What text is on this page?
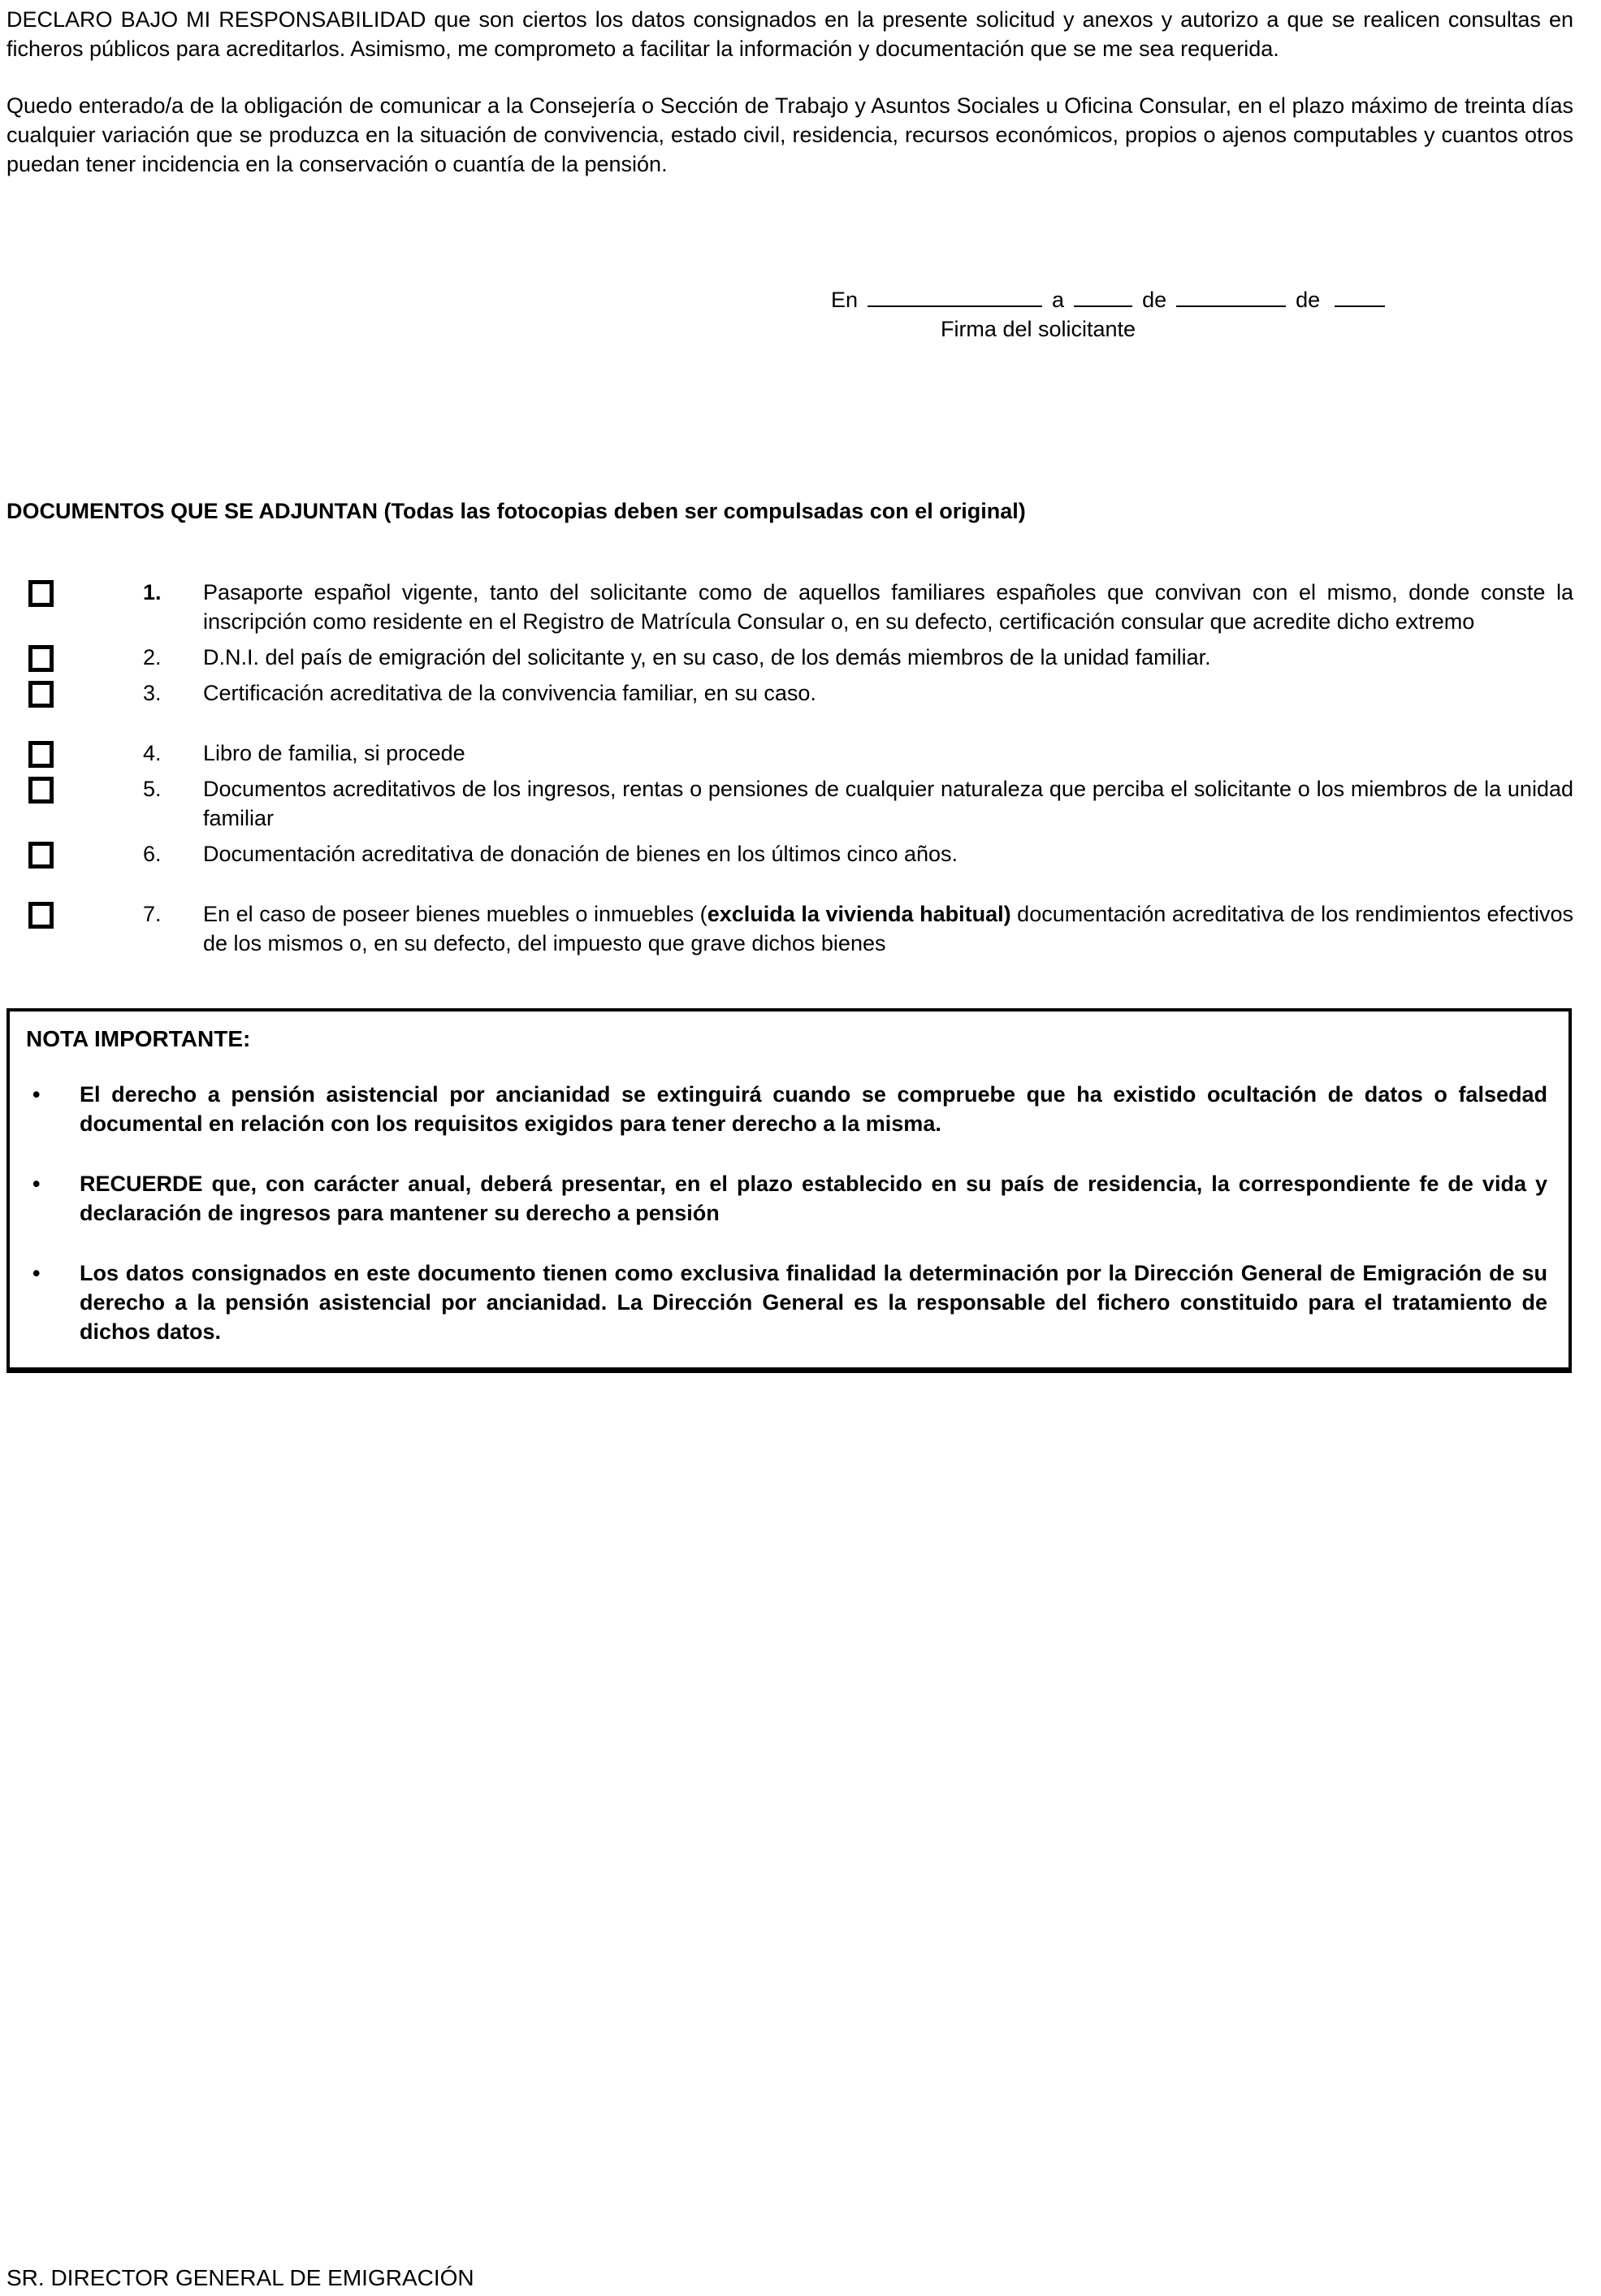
DECLARO BAJO MI RESPONSABILIDAD que son ciertos los datos consignados en la presente solicitud y anexos y autorizo a que se realicen consultas en ficheros públicos para acreditarlos. Asimismo, me comprometo a facilitar la información y documentación que se me sea requerida.

Quedo enterado/a de la obligación de comunicar a la Consejería o Sección de Trabajo y Asuntos Sociales u Oficina Consular, en el plazo máximo de treinta días cualquier variación que se produzca en la situación de convivencia, estado civil, residencia, recursos económicos, propios o ajenos computables y cuantos otros puedan tener incidencia en la conservación o cuantía de la pensión.

En	a	de	de
Firma del solicitante
DOCUMENTOS QUE SE ADJUNTAN (Todas las fotocopias deben ser compulsadas con el original)
1.	Pasaporte español vigente, tanto del solicitante como de aquellos familiares españoles que convivan con el mismo, donde conste la inscripción como residente en el Registro de Matrícula Consular o, en su defecto, certificación consular que acredite dicho extremo
2.	D.N.I. del país de emigración del solicitante y, en su caso, de los demás miembros de la unidad familiar.
3.	Certificación acreditativa de la convivencia familiar, en su caso.
4.	Libro de familia, si procede
5.	Documentos acreditativos de los ingresos, rentas o pensiones de cualquier naturaleza que perciba el solicitante o los miembros de la unidad familiar
6.	Documentación acreditativa de donación de bienes en los últimos cinco años.
7.	En el caso de poseer bienes muebles o inmuebles (excluida la vivienda habitual) documentación acreditativa de los rendimientos efectivos de los mismos o, en su defecto, del impuesto que grave dichos bienes
NOTA IMPORTANTE:
•	El derecho a pensión asistencial por ancianidad se extinguirá cuando se compruebe que ha existido ocultación de datos o falsedad documental en relación con los requisitos exigidos para tener derecho a la misma.
•	RECUERDE que, con carácter anual, deberá presentar, en el plazo establecido en su país de residencia, la correspondiente fe de vida y declaración de ingresos para mantener su derecho a pensión
•	Los datos consignados en este documento tienen como exclusiva finalidad la determinación por la Dirección General de Emigración de su derecho a la pensión asistencial por ancianidad. La Dirección General es la responsable del fichero constituido para el tratamiento de dichos datos.
SR. DIRECTOR GENERAL DE EMIGRACIÓN
